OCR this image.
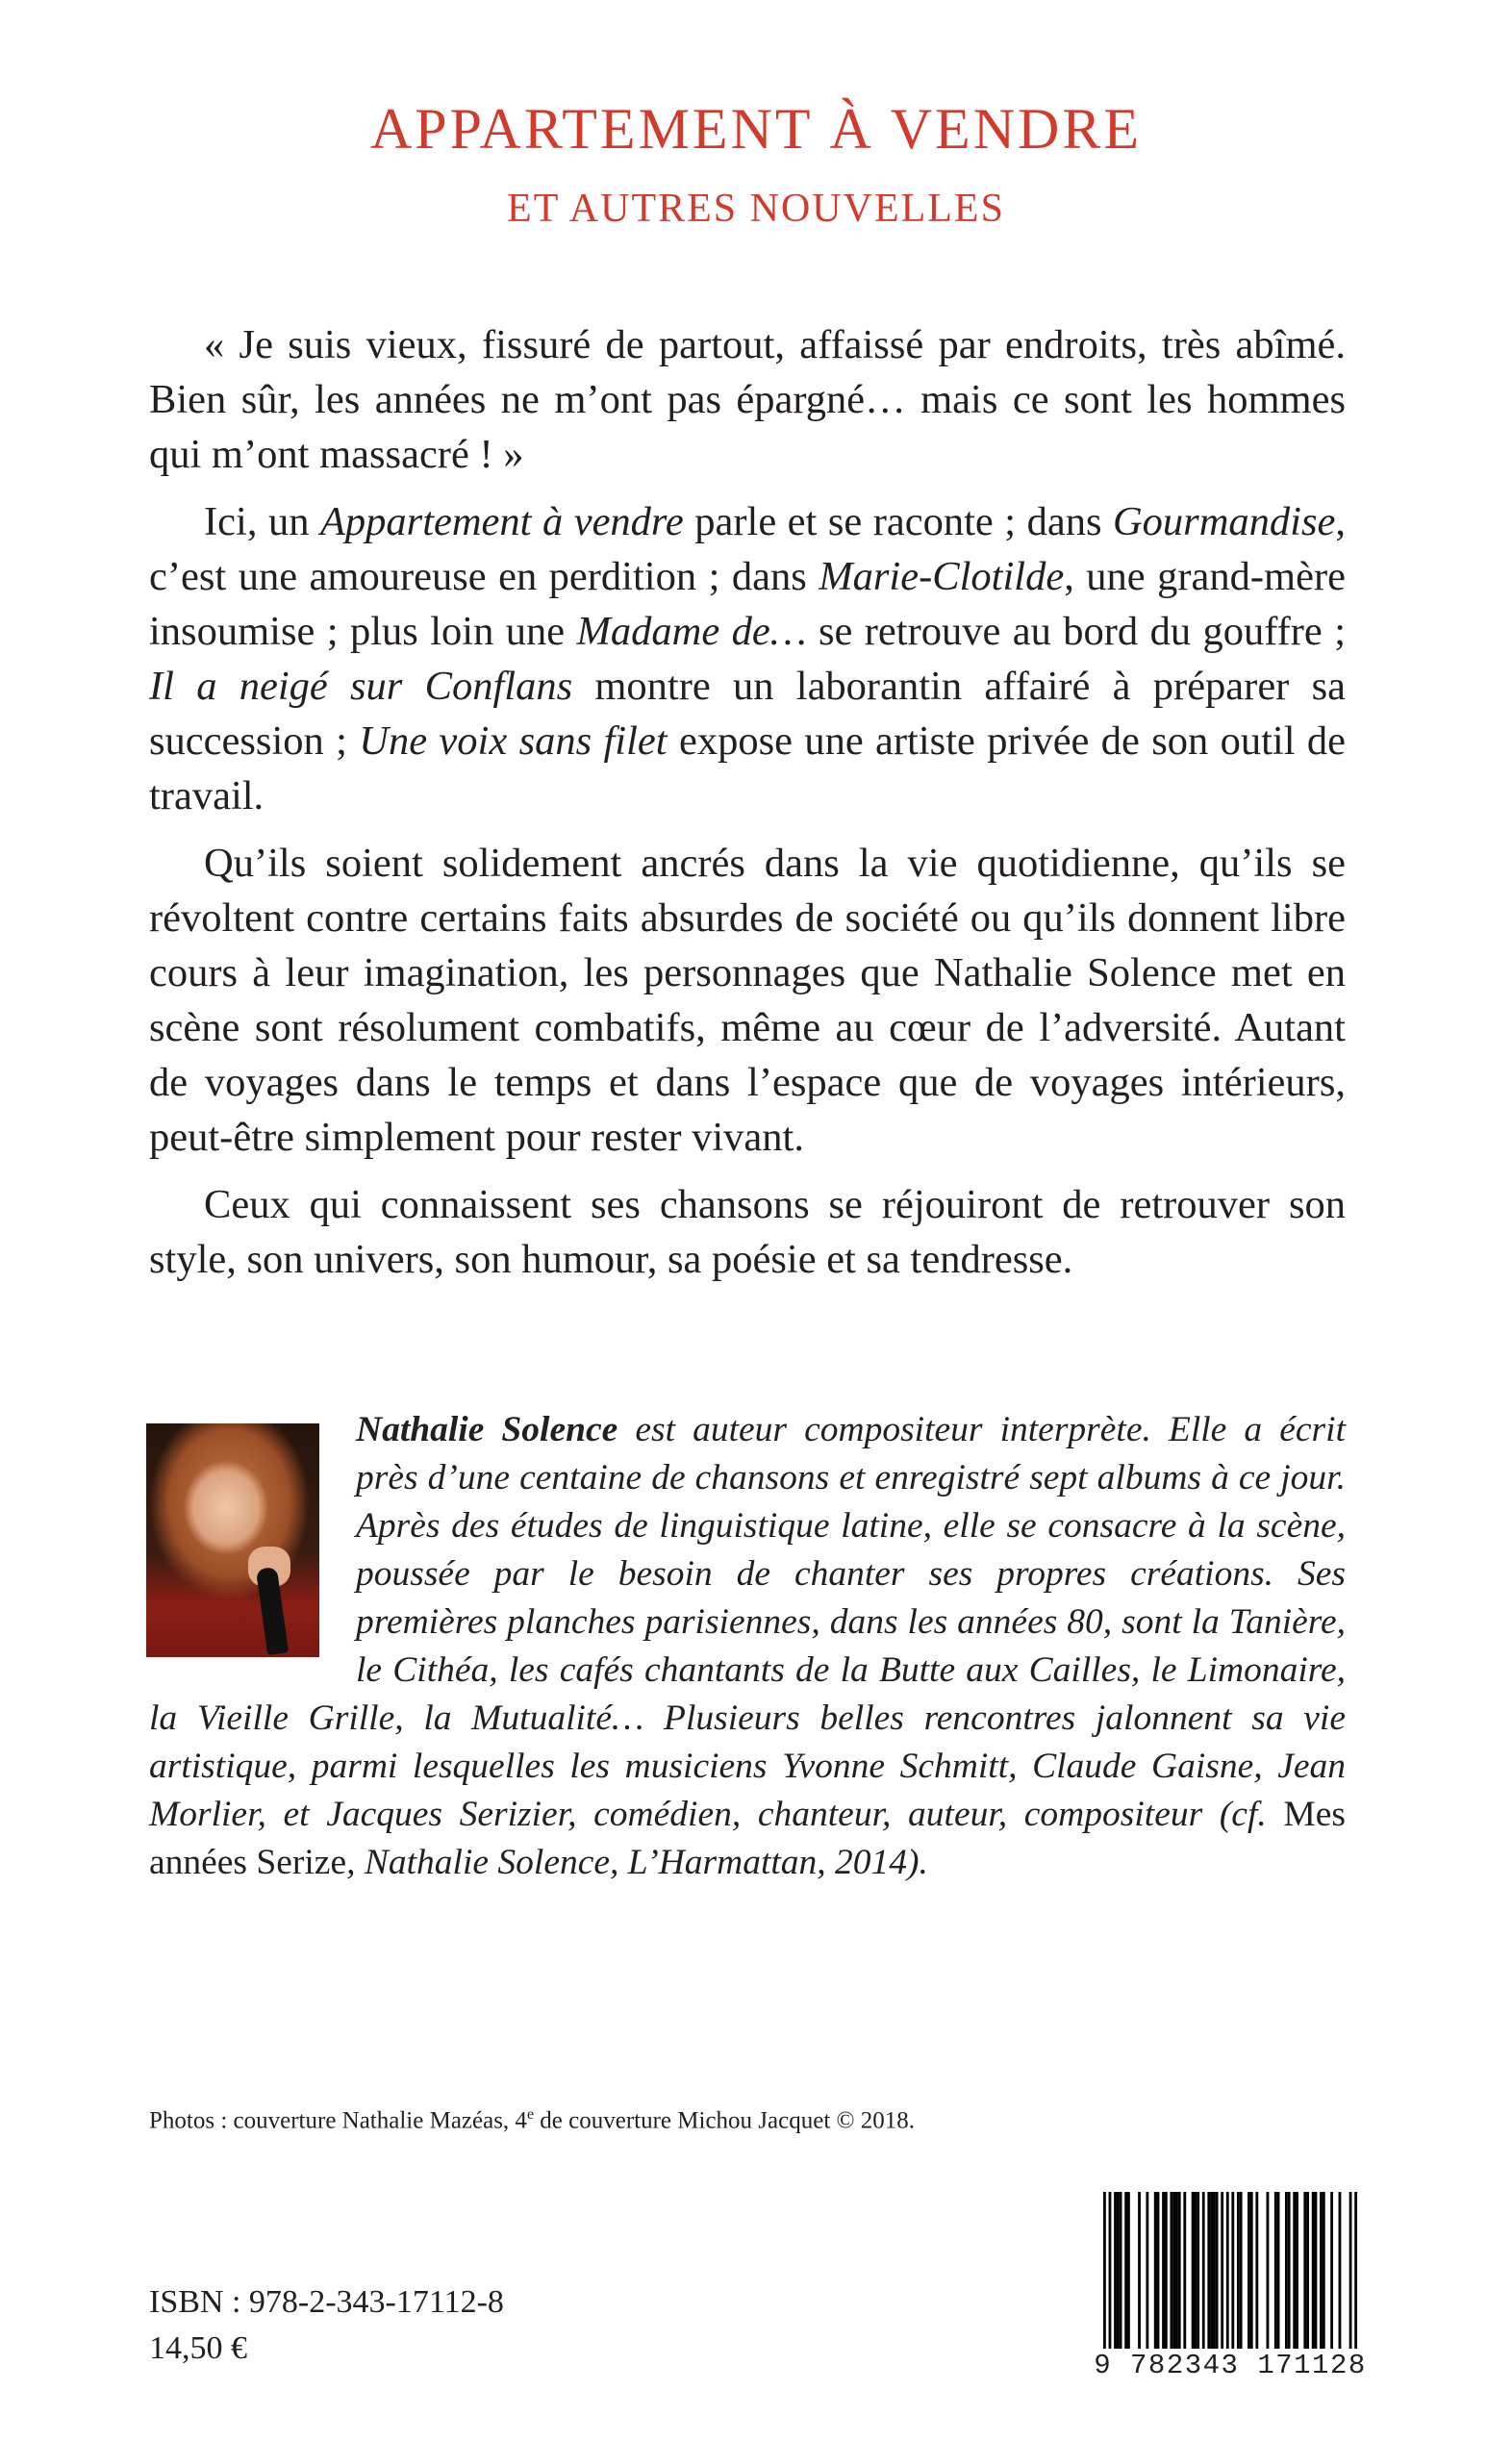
APPARTEMENT À VENDRE
ET AUTRES NOUVELLES

« Je suis vieux, fissuré de partout, affaissé par endroits, très abîmé. Bien sûr, les années ne m’ont pas épargné… mais ce sont les hommes qui m’ont massacré ! »

Ici, un Appartement à vendre parle et se raconte ; dans Gourmandise, c’est une amoureuse en perdition ; dans Marie-Clotilde, une grand-mère insoumise ; plus loin une Madame de… se retrouve au bord du gouffre ; Il a neigé sur Conflans montre un laborantin affairé à préparer sa succession ; Une voix sans filet expose une artiste privée de son outil de travail.

Qu’ils soient solidement ancrés dans la vie quotidienne, qu’ils se révoltent contre certains faits absurdes de société ou qu’ils donnent libre cours à leur imagination, les personnages que Nathalie Solence met en scène sont résolument combatifs, même au cœur de l’adversité. Autant de voyages dans le temps et dans l’espace que de voyages intérieurs, peut-être simplement pour rester vivant.

Ceux qui connaissent ses chansons se réjouiront de retrouver son style, son univers, son humour, sa poésie et sa tendresse.

Nathalie Solence est auteur compositeur interprète. Elle a écrit près d’une centaine de chansons et enregistré sept albums à ce jour. Après des études de linguistique latine, elle se consacre à la scène, poussée par le besoin de chanter ses propres créations. Ses premières planches parisiennes, dans les années 80, sont la Tanière, le Cithéa, les cafés chantants de la Butte aux Cailles, le Limonaire, la Vieille Grille, la Mutualité… Plusieurs belles rencontres jalonnent sa vie artistique, parmi lesquelles les musiciens Yvonne Schmitt, Claude Gaisne, Jean Morlier, et Jacques Serizier, comédien, chanteur, auteur, compositeur (cf. Mes années Serize, Nathalie Solence, L’Harmattan, 2014).

Photos : couverture Nathalie Mazéas, 4e de couverture Michou Jacquet © 2018.
ISBN : 978-2-343-17112-8
14,50 €	9 782343 171128
